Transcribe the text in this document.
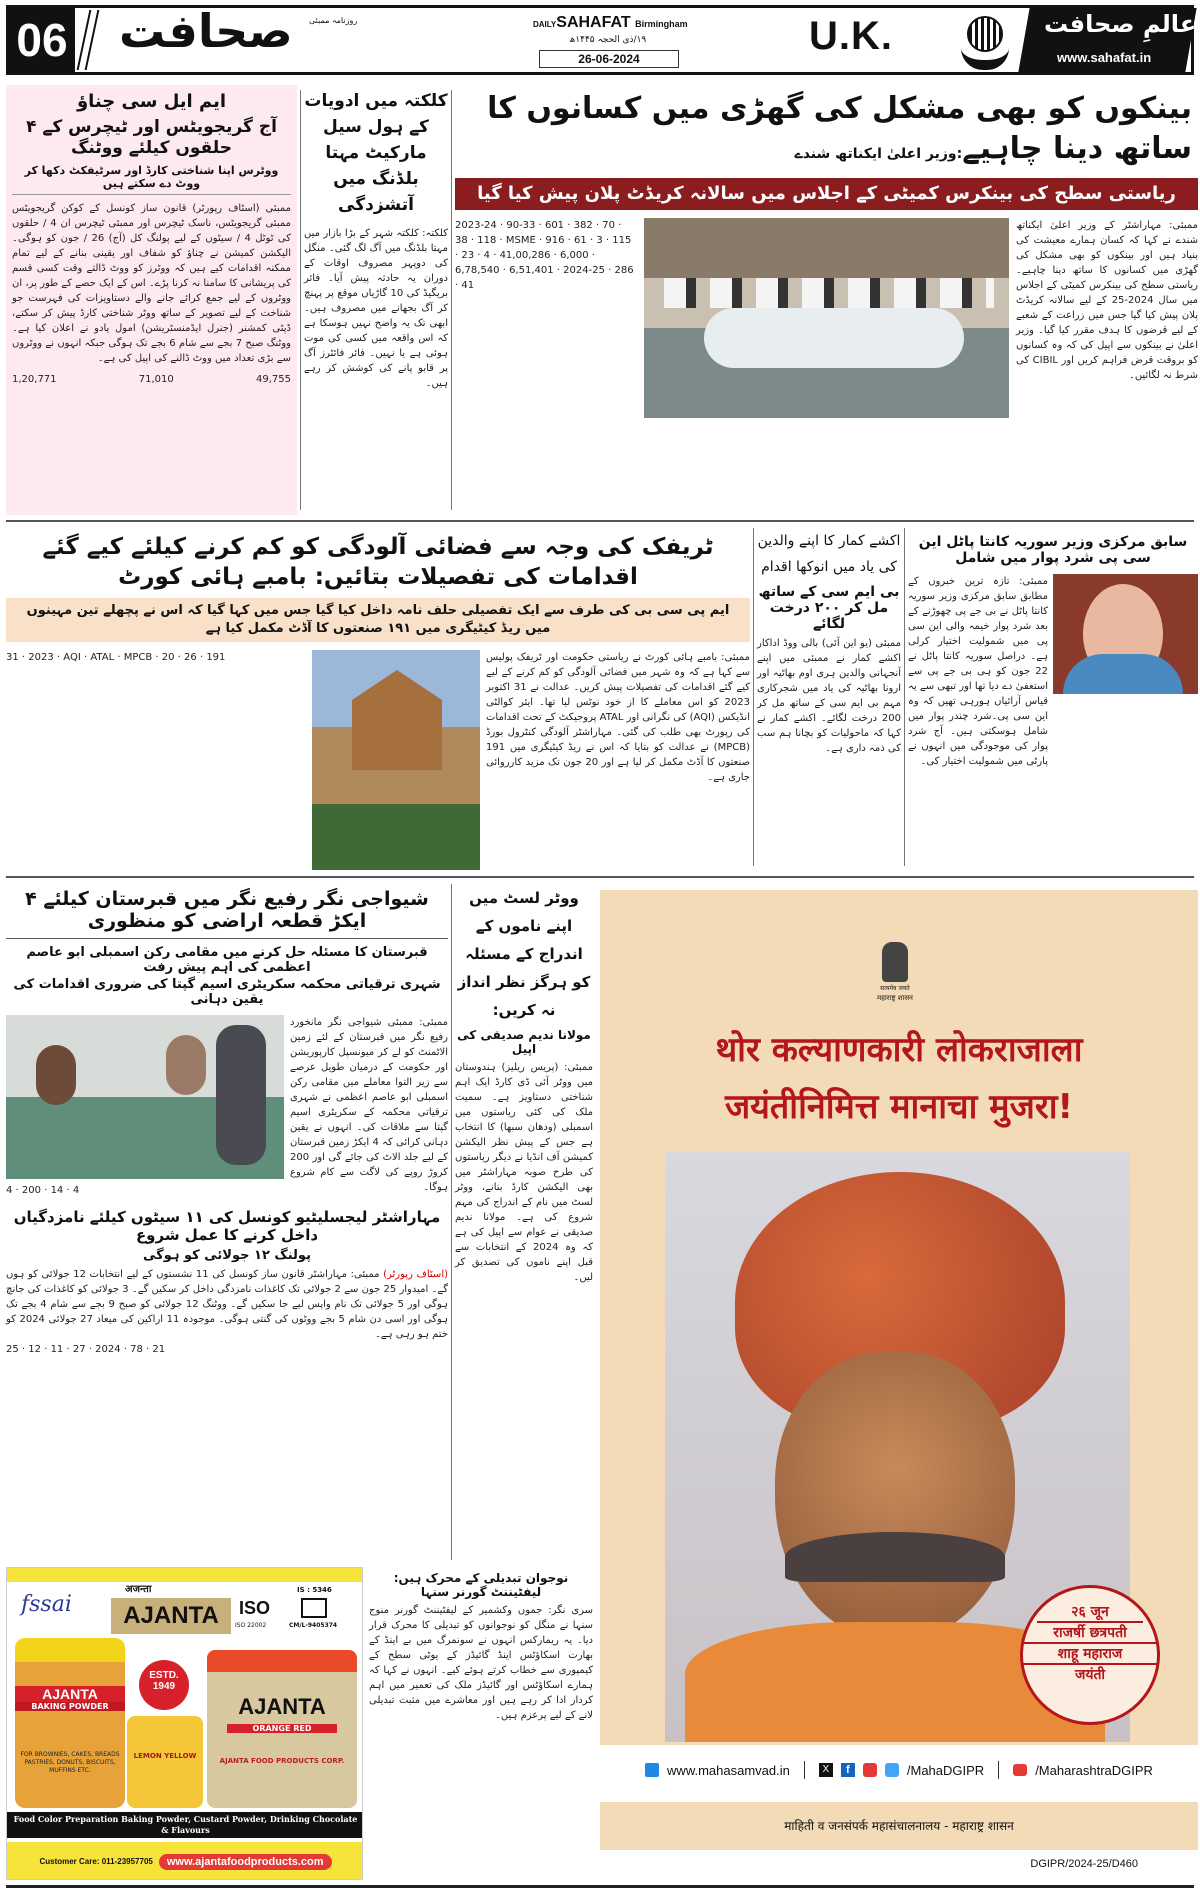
06 صحافت روزنامہ ممبئی	DAILYSAHAFAT Birmingham
۱۹/ذی الحجہ ۱۴۴۵ھ
26-06-2024
U.K.	عالمِ صحافت
www.sahafat.in
ایم ایل سی چناؤ
آج گریجویٹس اور ٹیچرس کے ۴ حلقوں کیلئے ووٹنگ
ووٹرس اپنا شناختی کارڈ اور سرٹیفکٹ دکھا کر ووٹ دے سکتے ہیں
ممبئی (اسٹاف رپورٹر) قانون ساز کونسل کے کوکن گریجویٹس ممبئی گریجویٹس، ناسک ٹیچرس اور ممبئی ٹیچرس ان 4 / حلقوں کی ٹوٹل 4 / سیٹوں کے لیے پولنگ کل (آج) 26 / جون کو ہوگی۔ الیکشن کمیشن نے چناؤ کو شفاف اور یقینی بنانے کے لیے تمام ممکنہ اقدامات کیے ہیں کہ ووٹرز کو ووٹ ڈالتے وقت کسی قسم کی پریشانی کا سامنا نہ کرنا پڑے۔ اس کے ایک حصے کے طور پر، ان ووٹروں کے لیے جمع کرائے جانے والے دستاویزات کی فہرست جو شناخت کے لیے تصویر کے ساتھ ووٹر شناختی کارڈ پیش کر سکتے، ڈپٹی کمشنر (جنرل ایڈمنسٹریشن) امول یادو نے اعلان کیا ہے۔ ووٹنگ صبح 7 بجے سے شام 6 بجے تک ہوگی جبکہ انہوں نے ووٹروں سے بڑی تعداد میں ووٹ ڈالنے کی اپیل کی ہے۔
1,20,771	71,010	49,755
کلکتہ میں ادویات کے ہول سیل مارکیٹ مہتا بلڈنگ میں آتشزدگی
کلکتہ: کلکتہ شہر کے بڑا بازار میں مہتا بلڈنگ میں آگ لگ گئی۔ منگل کی دوپہر مصروف اوقات کے دوران یہ حادثہ پیش آیا۔ فائر بریگیڈ کی 10 گاڑیاں موقع پر پہنچ کر آگ بجھانے میں مصروف ہیں۔ ابھی تک یہ واضح نہیں ہوسکا ہے کہ اس واقعہ میں کسی کی موت ہوئی ہے یا نہیں۔ فائر فائٹرز آگ پر قابو پانے کی کوشش کر رہے ہیں۔
بینکوں کو بھی مشکل کی گھڑی میں کسانوں کا ساتھ دینا چاہیے:وزیر اعلیٰ ایکناتھ شندے
ریاستی سطح کی بینکرس کمیٹی کے اجلاس میں سالانہ کریڈٹ پلان پیش کیا گیا
2023-24 · 90-33 · 601 · 382 · 70 · 38 · 118 · MSME · 916 · 61 · 3 · 115 · 23 · 4 · 41,00,286 · 6,000 · 6,78,540 · 6,51,401 · 2024-25 · 286 · 41
ممبئی: مہاراشٹر کے وزیر اعلیٰ ایکناتھ شندے نے کہا کہ کسان ہمارے معیشت کی بنیاد ہیں اور بینکوں کو بھی مشکل کی گھڑی میں کسانوں کا ساتھ دینا چاہیے۔ ریاستی سطح کی بینکرس کمیٹی کے اجلاس میں سال 2024-25 کے لیے سالانہ کریڈٹ پلان پیش کیا گیا جس میں زراعت کے شعبے کے لیے قرضوں کا ہدف مقرر کیا گیا۔ وزیر اعلیٰ نے بینکوں سے اپیل کی کہ وہ کسانوں کو بروقت قرض فراہم کریں اور CIBIL کی شرط نہ لگائیں۔
ٹریفک کی وجہ سے فضائی آلودگی کو کم کرنے کیلئے کیے گئے اقدامات کی تفصیلات بتائیں: بامبے ہائی کورٹ
ایم پی سی بی کی طرف سے ایک تفصیلی حلف نامہ داخل کیا گیا جس میں کہا گیا کہ اس نے پچھلے تین مہینوں میں ریڈ کیٹیگری میں ۱۹۱ صنعتوں کا آڈٹ مکمل کیا ہے
31 · 2023 · AQI · ATAL · MPCB · 20 · 26 · 191	ممبئی: بامبے ہائی کورٹ نے ریاستی حکومت اور ٹریفک پولیس سے کہا ہے کہ وہ شہر میں فضائی آلودگی کو کم کرنے کے لیے کیے گئے اقدامات کی تفصیلات پیش کریں۔ عدالت نے 31 اکتوبر 2023 کو اس معاملے کا از خود نوٹس لیا تھا۔ ایئر کوالٹی انڈیکس (AQI) کی نگرانی اور ATAL پروجیکٹ کے تحت اقدامات کی رپورٹ بھی طلب کی گئی۔ مہاراشٹر آلودگی کنٹرول بورڈ (MPCB) نے عدالت کو بتایا کہ اس نے ریڈ کیٹیگری میں 191 صنعتوں کا آڈٹ مکمل کر لیا ہے اور 20 جون تک مزید کارروائی جاری ہے۔
اکشے کمار کا اپنے والدین کی یاد میں انوکھا اقدام
بی ایم سی کے ساتھ مل کر ۲۰۰ درخت لگائے
ممبئی (یو این آئی) بالی ووڈ اداکار اکشے کمار نے ممبئی میں اپنے آنجہانی والدین ہری اوم بھاٹیہ اور ارونا بھاٹیہ کی یاد میں شجرکاری مہم بی ایم سی کے ساتھ مل کر 200 درخت لگائے۔ اکشے کمار نے کہا کہ ماحولیات کو بچانا ہم سب کی ذمہ داری ہے۔
سابق مرکزی وزیر سوریہ کانتا پاٹل این سی پی شرد پوار میں شامل
ممبئی: تازہ ترین خبروں کے مطابق سابق مرکزی وزیر سوریہ کانتا پاٹل نے بی جے پی چھوڑنے کے بعد شرد پوار خیمہ والی این سی پی میں شمولیت اختیار کرلی ہے۔ دراصل سوریہ کانتا پاٹل نے 22 جون کو ہی بی جے پی سے استعفیٰ دے دیا تھا اور تبھی سے یہ قیاس آرائیاں ہورہی تھیں کہ وہ این سی پی۔شرد چندر پوار میں شامل ہوسکتی ہیں۔ آج شرد پوار کی موجودگی میں انہوں نے پارٹی میں شمولیت اختیار کی۔
شیواجی نگر رفیع نگر میں قبرستان کیلئے ۴ ایکڑ قطعہ اراضی کو منظوری
قبرستان کا مسئلہ حل کرنے میں مقامی رکن اسمبلی ابو عاصم اعظمی کی اہم پیش رفت
شہری ترقیاتی محکمہ سکریٹری اسیم گپتا کی ضروری اقدامات کی یقین دہانی
4 · 200 · 14 · 4
ممبئی: ممبئی شیواجی نگر مانخورد رفیع نگر میں قبرستان کے لئے زمین الاٹمنٹ کو لے کر میونسپل کارپوریشن اور حکومت کے درمیان طویل عرصے سے زیر التوا معاملے میں مقامی رکن اسمبلی ابو عاصم اعظمی نے شہری ترقیاتی محکمہ کے سکریٹری اسیم گپتا سے ملاقات کی۔ انہوں نے یقین دہانی کرائی کہ 4 ایکڑ زمین قبرستان کے لیے جلد الاٹ کی جائے گی اور 200 کروڑ روپے کی لاگت سے کام شروع ہوگا۔
مہاراشٹر لیجسلیٹیو کونسل کی ۱۱ سیٹوں کیلئے نامزدگیاں داخل کرنے کا عمل شروع
پولنگ ۱۲ جولائی کو ہوگی
(اسٹاف رپورٹر) ممبئی: مہاراشٹر قانون ساز کونسل کی 11 نشستوں کے لیے انتخابات 12 جولائی کو ہوں گے۔ امیدوار 25 جون سے 2 جولائی تک کاغذات نامزدگی داخل کر سکیں گے۔ 3 جولائی کو کاغذات کی جانچ ہوگی اور 5 جولائی تک نام واپس لیے جا سکیں گے۔ ووٹنگ 12 جولائی کو صبح 9 بجے سے شام 4 بجے تک ہوگی اور اسی دن شام 5 بجے ووٹوں کی گنتی ہوگی۔ موجودہ 11 اراکین کی میعاد 27 جولائی 2024 کو ختم ہو رہی ہے۔
25 · 12 · 11 · 27 · 2024 · 78 · 21
ووٹر لسٹ میں اپنے ناموں کے اندراج کے مسئلہ کو ہرگز نظر انداز نہ کریں:
مولانا ندیم صدیقی کی اپیل
ممبئی: (پریس ریلیز) ہندوستان میں ووٹر آئی ڈی کارڈ ایک اہم شناختی دستاویز ہے۔ سمیت ملک کی کئی ریاستوں میں اسمبلی (ودھان سبھا) کا انتخاب ہے جس کے پیش نظر الیکشن کمیشن آف انڈیا نے دیگر ریاستوں کی طرح صوبہ مہاراشٹر میں بھی الیکشن کارڈ بنانے، ووٹر لسٹ میں نام کے اندراج کی مہم شروع کی ہے۔ مولانا ندیم صدیقی نے عوام سے اپیل کی ہے کہ وہ 2024 کے انتخابات سے قبل اپنے ناموں کی تصدیق کر لیں۔
सत्यमेव जयते
महाराष्ट्र शासन
थोर कल्याणकारी लोकराजाला
जयंतीनिमित्त मानाचा मुजरा!
२६ जून
राजर्षी छत्रपती
शाहू महाराज
जयंती
www.mahasamvad.in	X	f	/MahaDGIPR	/MaharashtraDGIPR
माहिती व जनसंपर्क महासंचालनालय - महाराष्ट्र शासन
DGIPR/2024-25/D460
fssai
अजन्ता
AJANTA	ISO
ISO 22002
IS : 5346
CM/L-9405374
AJANTA
BAKING POWDER
FOR BROWNIES, CAKES, BREADS PASTRIES, DONUTS, BISCUITS, MUFFINS ETC.
ESTD.
1949
LEMON YELLOW
AJANTA
ORANGE RED
AJANTA FOOD PRODUCTS CORP.
Food Color Preparation Baking Powder, Custard Powder, Drinking Chocolate & Flavours
Customer Care: 011-23957705	www.ajantafoodproducts.com
نوجوان تبدیلی کے محرک ہیں: لیفٹیننٹ گورنر سنہا
سری نگر: جموں وکشمیر کے لیفٹیننٹ گورنر منوج سنہا نے منگل کو نوجوانوں کو تبدیلی کا محرک قرار دیا۔ یہ ریمارکس انہوں نے سونمرگ میں بے اینڈ کے بھارت اسکاؤٹس اینڈ گائیڈز کے یوٹی سطح کے کیمپوری سے خطاب کرتے ہوئے کیے۔ انہوں نے کہا کہ ہمارے اسکاؤٹس اور گائیڈز ملک کی تعمیر میں اہم کردار ادا کر رہے ہیں اور معاشرے میں مثبت تبدیلی لانے کے لیے پرعزم ہیں۔
